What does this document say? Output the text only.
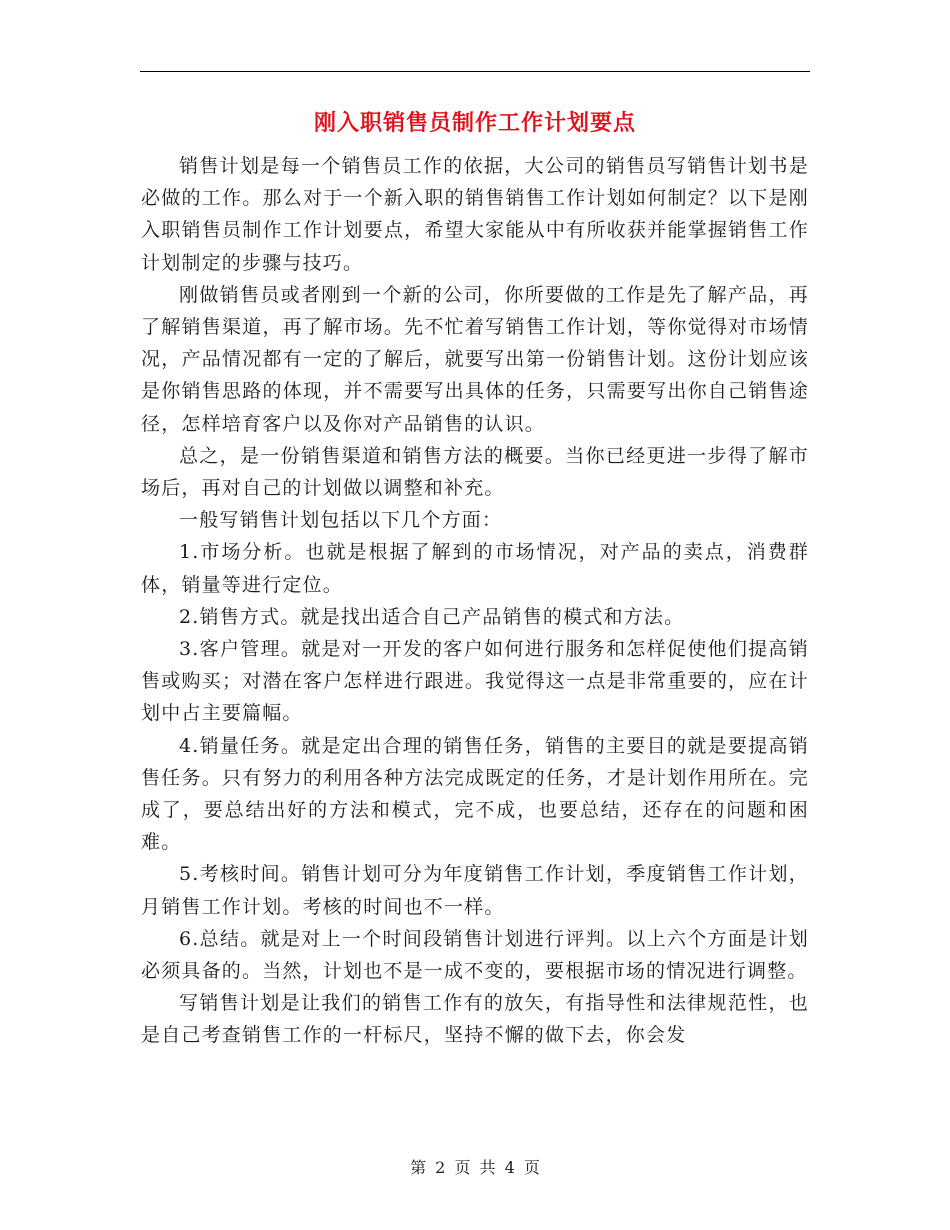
刚入职销售员制作工作计划要点

销售计划是每一个销售员工作的依据，大公司的销售员写销售计划书是必做的工作。那么对于一个新入职的销售销售工作计划如何制定？以下是刚入职销售员制作工作计划要点，希望大家能从中有所收获并能掌握销售工作计划制定的步骤与技巧。

刚做销售员或者刚到一个新的公司，你所要做的工作是先了解产品，再了解销售渠道，再了解市场。先不忙着写销售工作计划，等你觉得对市场情况，产品情况都有一定的了解后，就要写出第一份销售计划。这份计划应该是你销售思路的体现，并不需要写出具体的任务，只需要写出你自己销售途径，怎样培育客户以及你对产品销售的认识。

总之，是一份销售渠道和销售方法的概要。当你已经更进一步得了解市场后，再对自己的计划做以调整和补充。

一般写销售计划包括以下几个方面：

1.市场分析。也就是根据了解到的市场情况，对产品的卖点，消费群体，销量等进行定位。

2.销售方式。就是找出适合自己产品销售的模式和方法。

3.客户管理。就是对一开发的客户如何进行服务和怎样促使他们提高销售或购买；对潜在客户怎样进行跟进。我觉得这一点是非常重要的，应在计划中占主要篇幅。

4.销量任务。就是定出合理的销售任务，销售的主要目的就是要提高销售任务。只有努力的利用各种方法完成既定的任务，才是计划作用所在。完成了，要总结出好的方法和模式，完不成，也要总结，还存在的问题和困难。

5.考核时间。销售计划可分为年度销售工作计划，季度销售工作计划，月销售工作计划。考核的时间也不一样。

6.总结。就是对上一个时间段销售计划进行评判。以上六个方面是计划必须具备的。当然，计划也不是一成不变的，要根据市场的情况进行调整。

写销售计划是让我们的销售工作有的放矢，有指导性和法律规范性，也是自己考查销售工作的一杆标尺，坚持不懈的做下去，你会发

第 2 页 共 4 页
